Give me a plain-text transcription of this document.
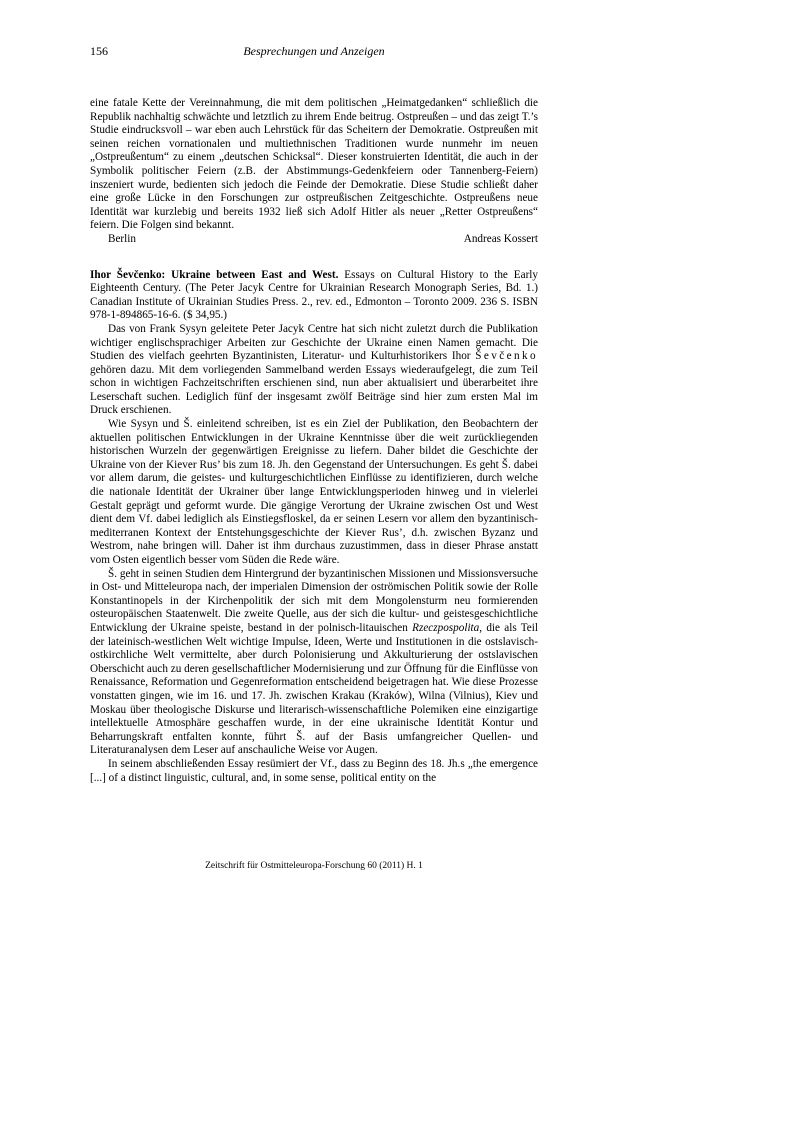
156	Besprechungen und Anzeigen

eine fatale Kette der Vereinnahmung, die mit dem politischen „Heimatgedanken“ schließlich die Republik nachhaltig schwächte und letztlich zu ihrem Ende beitrug. Ostpreußen – und das zeigt T.’s Studie eindrucksvoll – war eben auch Lehrstück für das Scheitern der Demokratie. Ostpreußen mit seinen reichen vornationalen und multiethnischen Traditionen wurde nunmehr im neuen „Ostpreußentum“ zu einem „deutschen Schicksal“. Dieser konstruierten Identität, die auch in der Symbolik politischer Feiern (z.B. der Abstimmungs-Gedenkfeiern oder Tannenberg-Feiern) inszeniert wurde, bedienten sich jedoch die Feinde der Demokratie. Diese Studie schließt daher eine große Lücke in den Forschungen zur ostpreußischen Zeitgeschichte. Ostpreußens neue Identität war kurzlebig und bereits 1932 ließ sich Adolf Hitler als neuer „Retter Ostpreußens“ feiern. Die Folgen sind bekannt.

Berlin	Andreas Kossert

Ihor Ševčenko: Ukraine between East and West. Essays on Cultural History to the Early Eighteenth Century. (The Peter Jacyk Centre for Ukrainian Research Monograph Series, Bd. 1.) Canadian Institute of Ukrainian Studies Press. 2., rev. ed., Edmonton – Toronto 2009. 236 S. ISBN 978-1-894865-16-6. ($ 34,95.)

Das von Frank Sysyn geleitete Peter Jacyk Centre hat sich nicht zuletzt durch die Publikation wichtiger englischsprachiger Arbeiten zur Geschichte der Ukraine einen Namen gemacht. Die Studien des vielfach geehrten Byzantinisten, Literatur- und Kulturhistorikers Ihor Ševčenko gehören dazu. Mit dem vorliegenden Sammelband werden Essays wiederaufgelegt, die zum Teil schon in wichtigen Fachzeitschriften erschienen sind, nun aber aktualisiert und überarbeitet ihre Leserschaft suchen. Lediglich fünf der insgesamt zwölf Beiträge sind hier zum ersten Mal im Druck erschienen.

Wie Sysyn und Š. einleitend schreiben, ist es ein Ziel der Publikation, den Beobachtern der aktuellen politischen Entwicklungen in der Ukraine Kenntnisse über die weit zurückliegenden historischen Wurzeln der gegenwärtigen Ereignisse zu liefern. Daher bildet die Geschichte der Ukraine von der Kiever Rus’ bis zum 18. Jh. den Gegenstand der Untersuchungen. Es geht Š. dabei vor allem darum, die geistes- und kulturgeschichtlichen Einflüsse zu identifizieren, durch welche die nationale Identität der Ukrainer über lange Entwicklungsperioden hinweg und in vielerlei Gestalt geprägt und geformt wurde. Die gängige Verortung der Ukraine zwischen Ost und West dient dem Vf. dabei lediglich als Einstiegsfloskel, da er seinen Lesern vor allem den byzantinisch-mediterranen Kontext der Entstehungsgeschichte der Kiever Rus’, d.h. zwischen Byzanz und Westrom, nahe bringen will. Daher ist ihm durchaus zuzustimmen, dass in dieser Phrase anstatt vom Osten eigentlich besser vom Süden die Rede wäre.

Š. geht in seinen Studien dem Hintergrund der byzantinischen Missionen und Missionsversuche in Ost- und Mitteleuropa nach, der imperialen Dimension der oströmischen Politik sowie der Rolle Konstantinopels in der Kirchenpolitik der sich mit dem Mongolensturm neu formierenden osteuropäischen Staatenwelt. Die zweite Quelle, aus der sich die kultur- und geistesgeschichtliche Entwicklung der Ukraine speiste, bestand in der polnisch-litauischen Rzeczpospolita, die als Teil der lateinisch-westlichen Welt wichtige Impulse, Ideen, Werte und Institutionen in die ostslavisch-ostkirchliche Welt vermittelte, aber durch Polonisierung und Akkulturierung der ostslavischen Oberschicht auch zu deren gesellschaftlicher Modernisierung und zur Öffnung für die Einflüsse von Renaissance, Reformation und Gegenreformation entscheidend beigetragen hat. Wie diese Prozesse vonstatten gingen, wie im 16. und 17. Jh. zwischen Krakau (Kraków), Wilna (Vilnius), Kiev und Moskau über theologische Diskurse und literarisch-wissenschaftliche Polemiken eine einzigartige intellektuelle Atmosphäre geschaffen wurde, in der eine ukrainische Identität Kontur und Beharrungskraft entfalten konnte, führt Š. auf der Basis umfangreicher Quellen- und Literaturanalysen dem Leser auf anschauliche Weise vor Augen.

In seinem abschließenden Essay resümiert der Vf., dass zu Beginn des 18. Jh.s „the emergence [...] of a distinct linguistic, cultural, and, in some sense, political entity on the

Zeitschrift für Ostmitteleuropa-Forschung 60 (2011) H. 1
